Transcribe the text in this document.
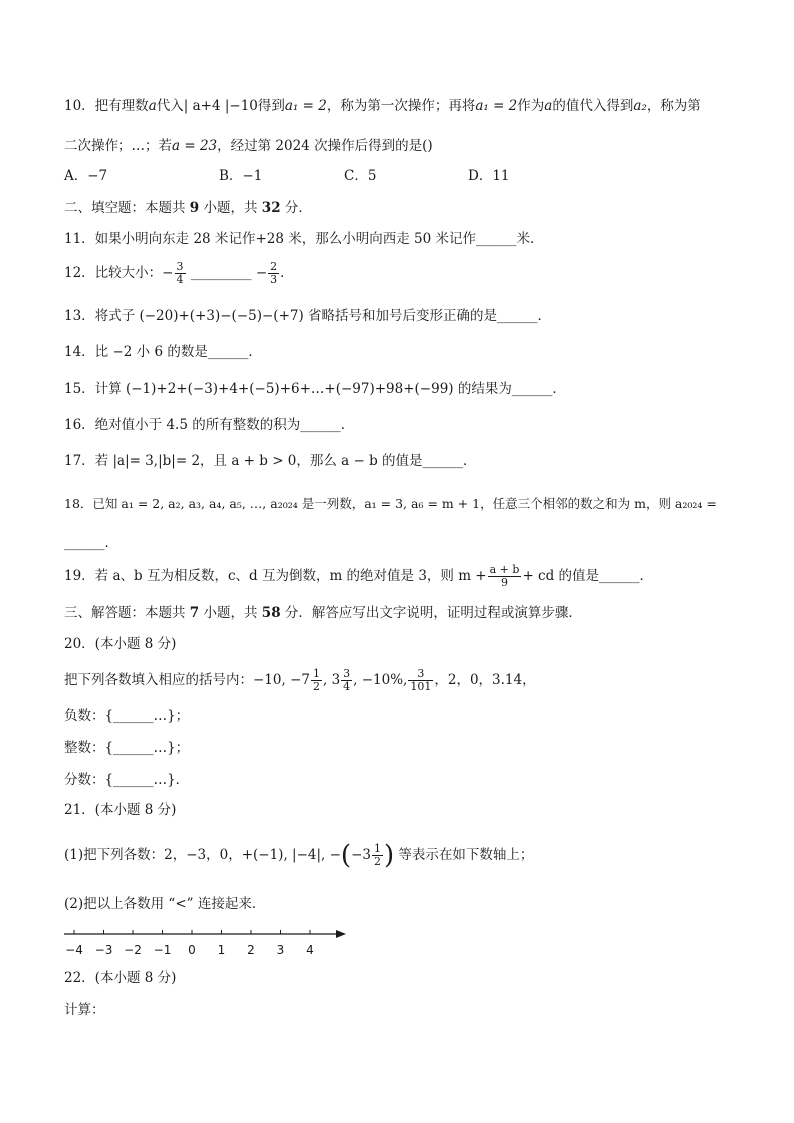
10．把有理数a代入| a+4 |−10得到a₁ = 2，称为第一次操作；再将a₁ = 2作为a的值代入得到a₂，称为第
二次操作；…；若a = 23，经过第 2024 次操作后得到的是()
A．−7	B．−1	C．5	D．11
二、填空题：本题共 9 小题，共 32 分．
11．如果小明向东走 28 米记作+28 米，那么小明向西走 50 米记作______米．
12．比较大小：− $\frac{3}{4}$ _________ − $\frac{2}{3}$ ．
13．将式子 (−20)+(+3)−(−5)−(+7) 省略括号和加号后变形正确的是______．
14．比 −2 小 6 的数是______．
15．计算 (−1)+2+(−3)+4+(−5)+6+…+(−97)+98+(−99) 的结果为______．
16．绝对值小于 4.5 的所有整数的积为______．
17．若 |a|= 3,|b|= 2，且 a + b > 0，那么 a − b 的值是______．
18．已知 a₁ = 2, a₂, a₃, a₄, a₅, …, a₂₀₂₄ 是一列数，a₁ = 3, a₆ = m + 1，任意三个相邻的数之和为 m，则 a₂₀₂₄ =
______．
19．若 a、b 互为相反数，c、d 互为倒数，m 的绝对值是 3，则 $m + \frac{a + b}{9}$ + cd 的值是______．
三、解答题：本题共 7 小题，共 58 分．解答应写出文字说明，证明过程或演算步骤．
20．(本小题 8 分)
把下列各数填入相应的括号内：−10, $-7 \frac{1}{2}$ , $3 \frac{3}{4}$ , −10%, $\frac{3}{101}$ ，2，0，3.14，
负数：{______…}；
整数：{______…}；
分数：{______…}．
21．(本小题 8 分)
(1)把下列各数：2，−3，0，+(−1), |−4|, $-(-3 \frac{1}{2}$ ) 等表示在如下数轴上；
(2)把以上各数用 “<” 连接起来．
−4 −3 −2 −1 0 1 2 3 4
22．(本小题 8 分)
计算：
